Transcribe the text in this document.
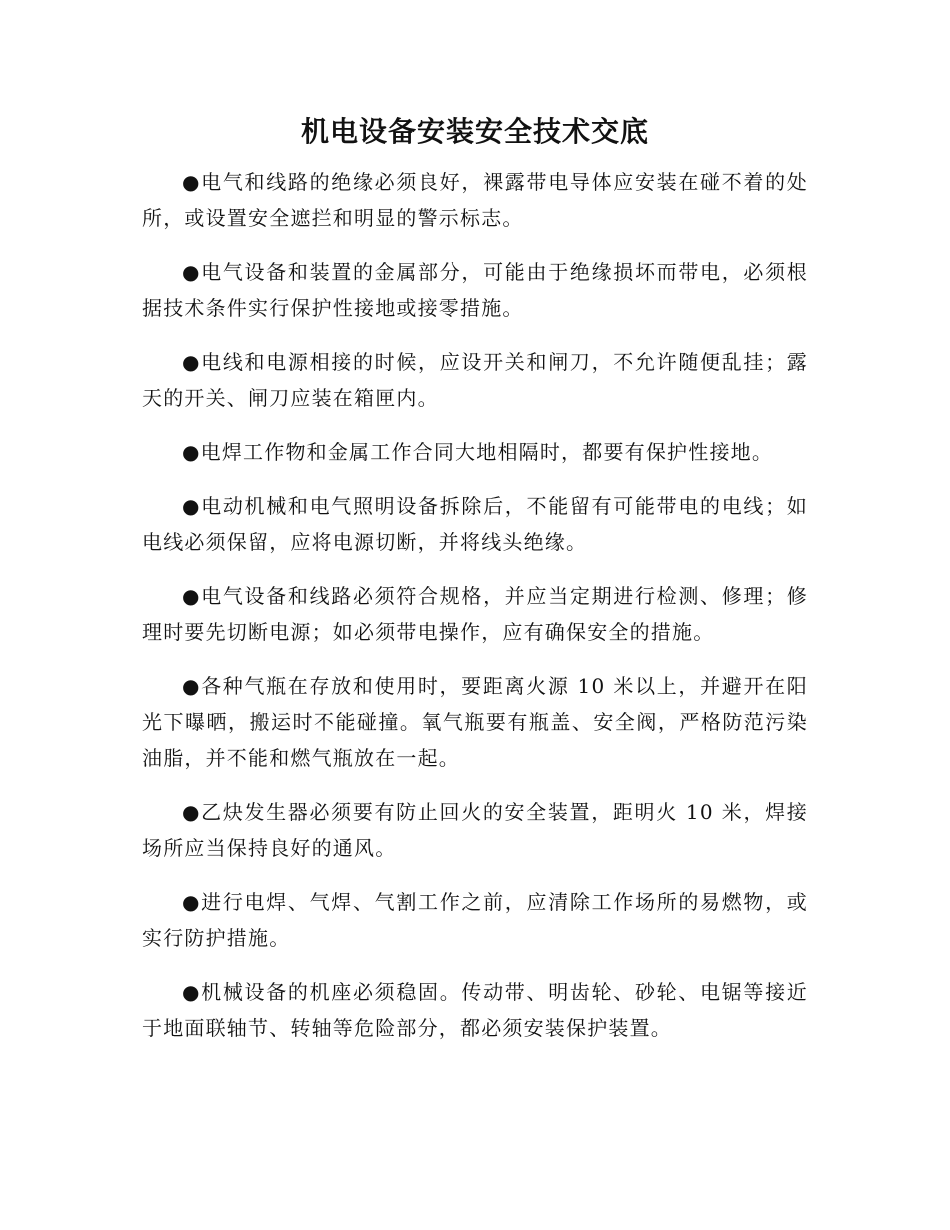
机电设备安装安全技术交底

●电气和线路的绝缘必须良好，裸露带电导体应安装在碰不着的处所，或设置安全遮拦和明显的警示标志。

●电气设备和装置的金属部分，可能由于绝缘损坏而带电，必须根据技术条件实行保护性接地或接零措施。

●电线和电源相接的时候，应设开关和闸刀，不允许随便乱挂；露天的开关、闸刀应装在箱匣内。

●电焊工作物和金属工作合同大地相隔时，都要有保护性接地。

●电动机械和电气照明设备拆除后，不能留有可能带电的电线；如电线必须保留，应将电源切断，并将线头绝缘。

●电气设备和线路必须符合规格，并应当定期进行检测、修理；修理时要先切断电源；如必须带电操作，应有确保安全的措施。

●各种气瓶在存放和使用时，要距离火源 10 米以上，并避开在阳光下曝晒，搬运时不能碰撞。氧气瓶要有瓶盖、安全阀，严格防范污染油脂，并不能和燃气瓶放在一起。

●乙炔发生器必须要有防止回火的安全装置，距明火 10 米，焊接场所应当保持良好的通风。

●进行电焊、气焊、气割工作之前，应清除工作场所的易燃物，或实行防护措施。

●机械设备的机座必须稳固。传动带、明齿轮、砂轮、电锯等接近于地面联轴节、转轴等危险部分，都必须安装保护装置。
